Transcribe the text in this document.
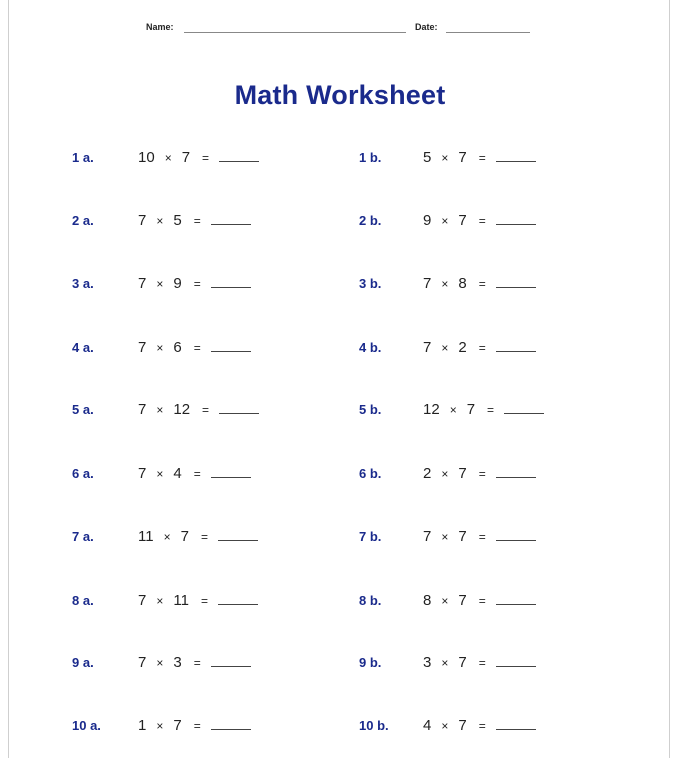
Name:	Date:
Math Worksheet
1 a.	10 × 7 =	1 b.	5 × 7 =
2 a.	7 × 5 =	2 b.	9 × 7 =
3 a.	7 × 9 =	3 b.	7 × 8 =
4 a.	7 × 6 =	4 b.	7 × 2 =
5 a.	7 × 12 =	5 b.	12 × 7 =
6 a.	7 × 4 =	6 b.	2 × 7 =
7 a.	11 × 7 =	7 b.	7 × 7 =
8 a.	7 × 11 =	8 b.	8 × 7 =
9 a.	7 × 3 =	9 b.	3 × 7 =
10 a. 1 × 7 =	10 b. 4 × 7 =
